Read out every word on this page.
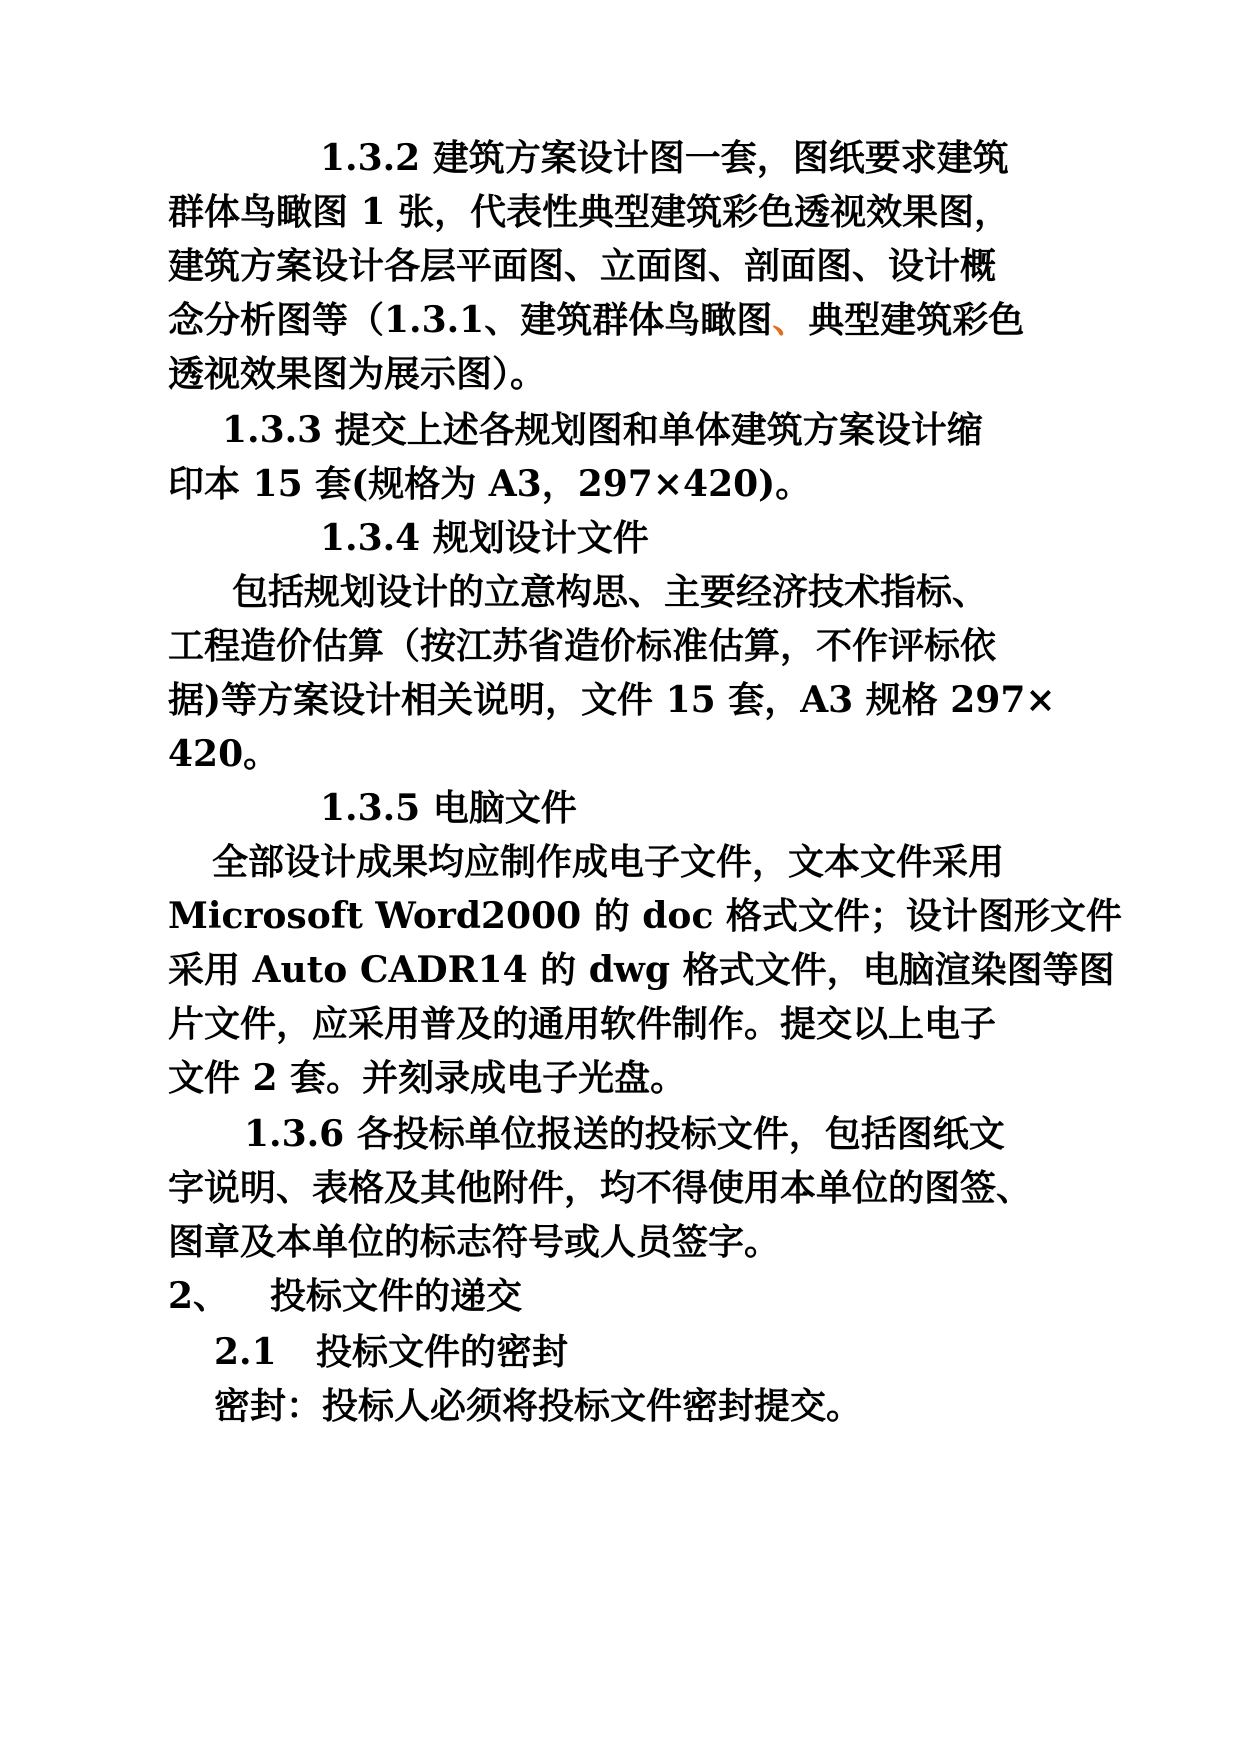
1.3.2 建筑方案设计图一套，图纸要求建筑
群体鸟瞰图 1 张，代表性典型建筑彩色透视效果图，
建筑方案设计各层平面图、立面图、剖面图、设计概
念分析图等（1.3.1、建筑群体鸟瞰图、典型建筑彩色
透视效果图为展示图）。
1.3.3 提交上述各规划图和单体建筑方案设计缩
印本 15 套(规格为 A3，297×420)。
1.3.4 规划设计文件
包括规划设计的立意构思、主要经济技术指标、
工程造价估算（按江苏省造价标准估算，不作评标依
据)等方案设计相关说明，文件 15 套，A3 规格 297×
420。
1.3.5 电脑文件
全部设计成果均应制作成电子文件，文本文件采用
Microsoft Word2000 的 doc 格式文件；设计图形文件
采用 Auto CADR14 的 dwg 格式文件，电脑渲染图等图
片文件，应采用普及的通用软件制作。提交以上电子
文件 2 套。并刻录成电子光盘。
1.3.6 各投标单位报送的投标文件，包括图纸文
字说明、表格及其他附件，均不得使用本单位的图签、
图章及本单位的标志符号或人员签字。
2、 投标文件的递交
2.1 投标文件的密封
密封：投标人必须将投标文件密封提交。
